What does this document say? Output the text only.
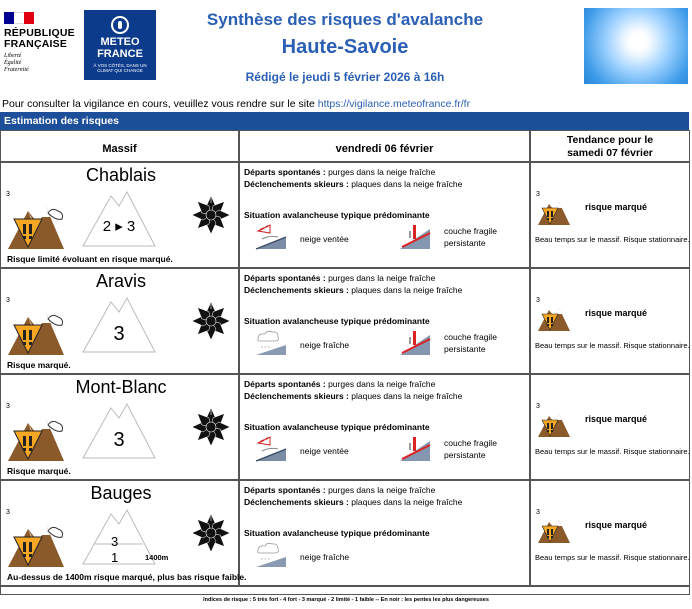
RÉPUBLIQUE
FRANÇAISE
Liberté
Égalité
Fraternité
METEO
FRANCE
À VOS CÔTÉS, DANS UN CLIMAT QUI CHANGE
Synthèse des risques d'avalanche
Haute-Savoie
Rédigé le jeudi 5 février 2026 à 16h
Pour consulter la vigilance en cours, veuillez vous rendre sur le site https://vigilance.meteofrance.fr/fr
Estimation des risques
Massif	vendredi 06 février
Tendance pour le
samedi 07 février
Chablais
3
2 ▸ 3
Risque limité évoluant en risque marqué.
Départs spontanés : purges dans la neige fraîche
Déclenchements skieurs : plaques dans la neige fraîche
Situation avalancheuse typique prédominante
neige ventée
couche fragile
persistante
3
risque marqué
Beau temps sur le massif. Risque stationnaire.
Aravis
3
3
Risque marqué.
Départs spontanés : purges dans la neige fraîche
Déclenchements skieurs : plaques dans la neige fraîche
Situation avalancheuse typique prédominante
* * *	neige fraîche
couche fragile
persistante
3
risque marqué
Beau temps sur le massif. Risque stationnaire.
Mont-Blanc
3
3
Risque marqué.
Départs spontanés : purges dans la neige fraîche
Déclenchements skieurs : plaques dans la neige fraîche
Situation avalancheuse typique prédominante
neige ventée
couche fragile
persistante
3
risque marqué
Beau temps sur le massif. Risque stationnaire.
Bauges
3
3
1	1400m
Au-dessus de 1400m risque marqué, plus bas risque faible.
Départs spontanés : purges dans la neige fraîche
Déclenchements skieurs : plaques dans la neige fraîche
Situation avalancheuse typique prédominante
* * *	neige fraîche
3
risque marqué
Beau temps sur le massif. Risque stationnaire.
Indices de risque : 5 très fort - 4 fort - 3 marqué - 2 limité - 1 faible -- En noir : les pentes les plus dangereuses
